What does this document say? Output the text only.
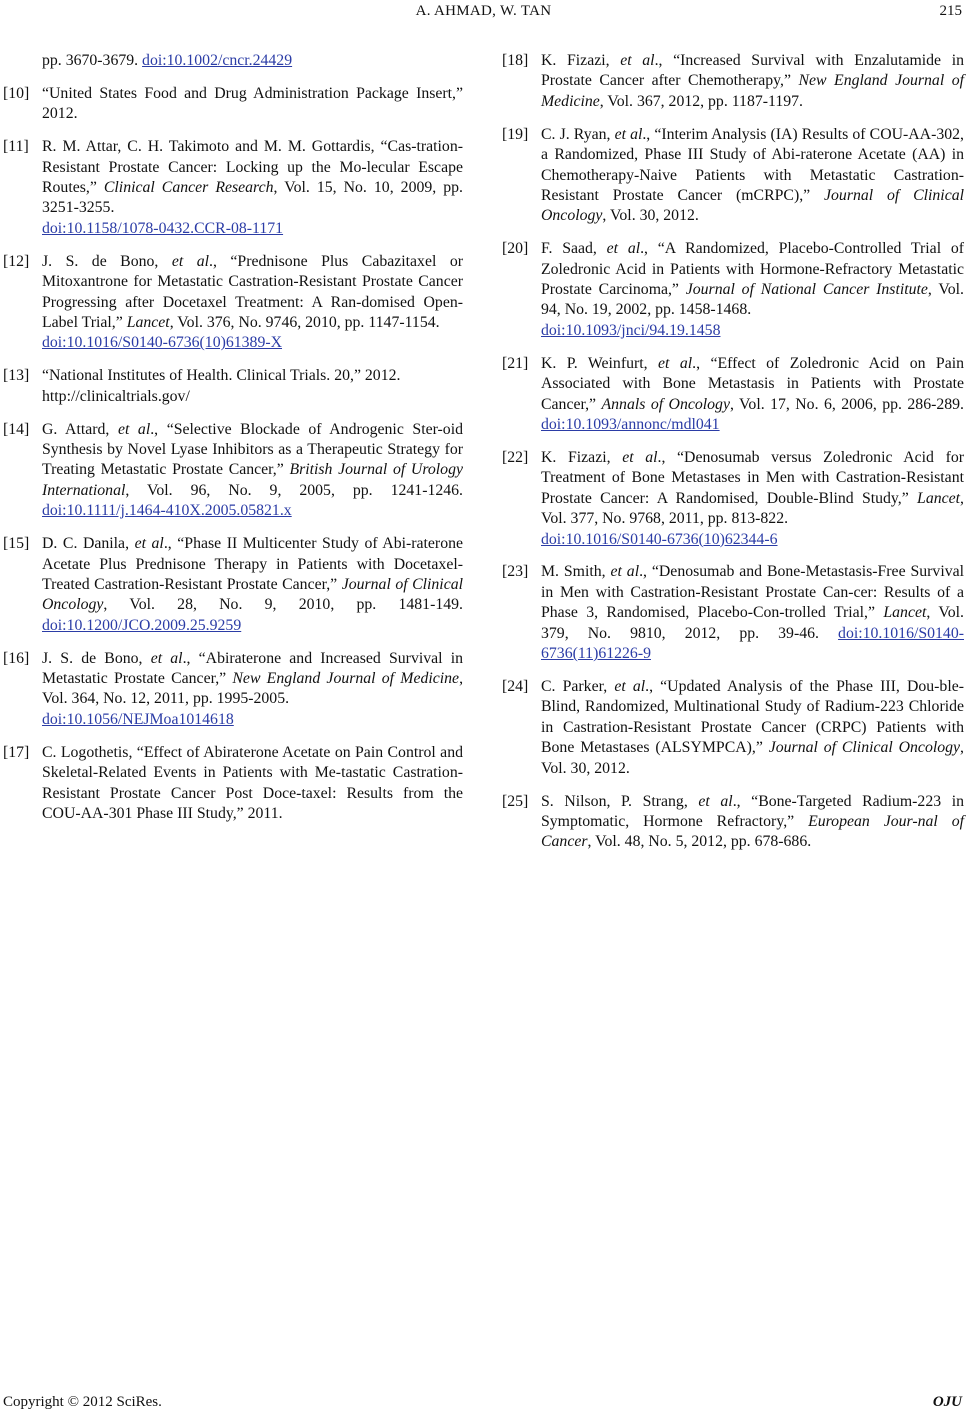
A. AHMAD, W. TAN	215
pp. 3670-3679. doi:10.1002/cncr.24429
[10] “United States Food and Drug Administration Package Insert,” 2012.
[11] R. M. Attar, C. H. Takimoto and M. M. Gottardis, “Cas-tration-Resistant Prostate Cancer: Locking up the Mo-lecular Escape Routes,” Clinical Cancer Research, Vol. 15, No. 10, 2009, pp. 3251-3255.
doi:10.1158/1078-0432.CCR-08-1171
[12] J. S. de Bono, et al., “Prednisone Plus Cabazitaxel or Mitoxantrone for Metastatic Castration-Resistant Prostate Cancer Progressing after Docetaxel Treatment: A Ran-domised Open-Label Trial,” Lancet, Vol. 376, No. 9746, 2010, pp. 1147-1154.
doi:10.1016/S0140-6736(10)61389-X
[13] “National Institutes of Health. Clinical Trials. 20,” 2012.
http://clinicaltrials.gov/
[14] G. Attard, et al., “Selective Blockade of Androgenic Ster-oid Synthesis by Novel Lyase Inhibitors as a Therapeutic Strategy for Treating Metastatic Prostate Cancer,” British Journal of Urology International, Vol. 96, No. 9, 2005, pp. 1241-1246. doi:10.1111/j.1464-410X.2005.05821.x
[15] D. C. Danila, et al., “Phase II Multicenter Study of Abi-raterone Acetate Plus Prednisone Therapy in Patients with Docetaxel-Treated Castration-Resistant Prostate Cancer,” Journal of Clinical Oncology, Vol. 28, No. 9, 2010, pp. 1481-149. doi:10.1200/JCO.2009.25.9259
[16] J. S. de Bono, et al., “Abiraterone and Increased Survival in Metastatic Prostate Cancer,” New England Journal of Medicine, Vol. 364, No. 12, 2011, pp. 1995-2005.
doi:10.1056/NEJMoa1014618
[17] C. Logothetis, “Effect of Abiraterone Acetate on Pain Control and Skeletal-Related Events in Patients with Me-tastatic Castration-Resistant Prostate Cancer Post Doce-taxel: Results from the COU-AA-301 Phase III Study,” 2011.
[18] K. Fizazi, et al., “Increased Survival with Enzalutamide in Prostate Cancer after Chemotherapy,” New England Journal of Medicine, Vol. 367, 2012, pp. 1187-1197.
[19] C. J. Ryan, et al., “Interim Analysis (IA) Results of COU-AA-302, a Randomized, Phase III Study of Abi-raterone Acetate (AA) in Chemotherapy-Naive Patients with Metastatic Castration-Resistant Prostate Cancer (mCRPC),” Journal of Clinical Oncology, Vol. 30, 2012.
[20] F. Saad, et al., “A Randomized, Placebo-Controlled Trial of Zoledronic Acid in Patients with Hormone-Refractory Metastatic Prostate Carcinoma,” Journal of National Cancer Institute, Vol. 94, No. 19, 2002, pp. 1458-1468.
doi:10.1093/jnci/94.19.1458
[21] K. P. Weinfurt, et al., “Effect of Zoledronic Acid on Pain Associated with Bone Metastasis in Patients with Prostate Cancer,” Annals of Oncology, Vol. 17, No. 6, 2006, pp. 286-289. doi:10.1093/annonc/mdl041
[22] K. Fizazi, et al., “Denosumab versus Zoledronic Acid for Treatment of Bone Metastases in Men with Castration-Resistant Prostate Cancer: A Randomised, Double-Blind Study,” Lancet, Vol. 377, No. 9768, 2011, pp. 813-822.
doi:10.1016/S0140-6736(10)62344-6
[23] M. Smith, et al., “Denosumab and Bone-Metastasis-Free Survival in Men with Castration-Resistant Prostate Can-cer: Results of a Phase 3, Randomised, Placebo-Con-trolled Trial,” Lancet, Vol. 379, No. 9810, 2012, pp. 39-46. doi:10.1016/S0140-6736(11)61226-9
[24] C. Parker, et al., “Updated Analysis of the Phase III, Dou-ble-Blind, Randomized, Multinational Study of Radium-223 Chloride in Castration-Resistant Prostate Cancer (CRPC) Patients with Bone Metastases (ALSYMPCA),” Journal of Clinical Oncology, Vol. 30, 2012.
[25] S. Nilson, P. Strang, et al., “Bone-Targeted Radium-223 in Symptomatic, Hormone Refractory,” European Jour-nal of Cancer, Vol. 48, No. 5, 2012, pp. 678-686.
Copyright © 2012 SciRes.	OJU
